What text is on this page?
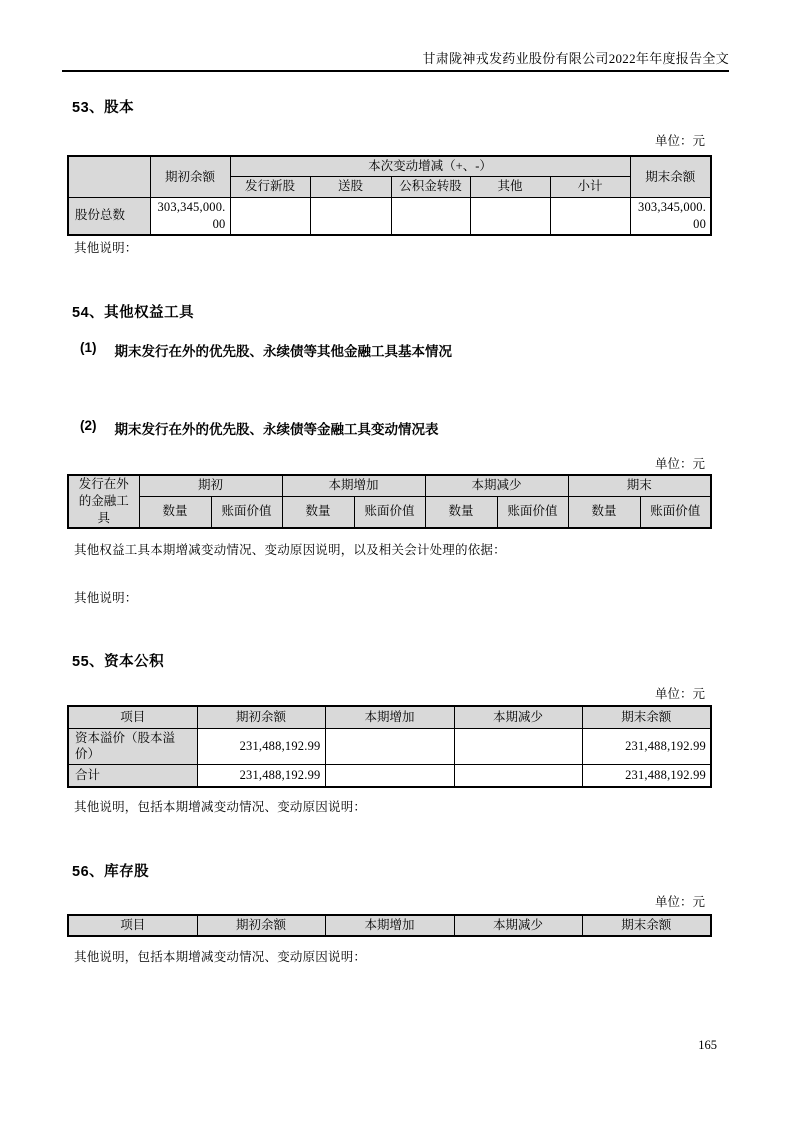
甘肃陇神戎发药业股份有限公司2022年年度报告全文
53、股本
单位：元
	期初余额	本次变动增减（+、-）					期末余额
		发行新股	送股	公积金转股	其他	小计	
股份总数	303,345,000.00						303,345,000.00
其他说明：
54、其他权益工具
(1) 期末发行在外的优先股、永续债等其他金融工具基本情况
(2) 期末发行在外的优先股、永续债等金融工具变动情况表
单位：元
发行在外的金融工具	期初		本期增加		本期减少		期末	
	数量	账面价值	数量	账面价值	数量	账面价值	数量	账面价值
其他权益工具本期增减变动情况、变动原因说明，以及相关会计处理的依据：
其他说明：
55、资本公积
单位：元
项目	期初余额	本期增加	本期减少	期末余额
资本溢价（股本溢价）	231,488,192.99			231,488,192.99
合计	231,488,192.99			231,488,192.99
其他说明，包括本期增减变动情况、变动原因说明：
56、库存股
单位：元
项目	期初余额	本期增加	本期减少	期末余额
其他说明，包括本期增减变动情况、变动原因说明：
165
